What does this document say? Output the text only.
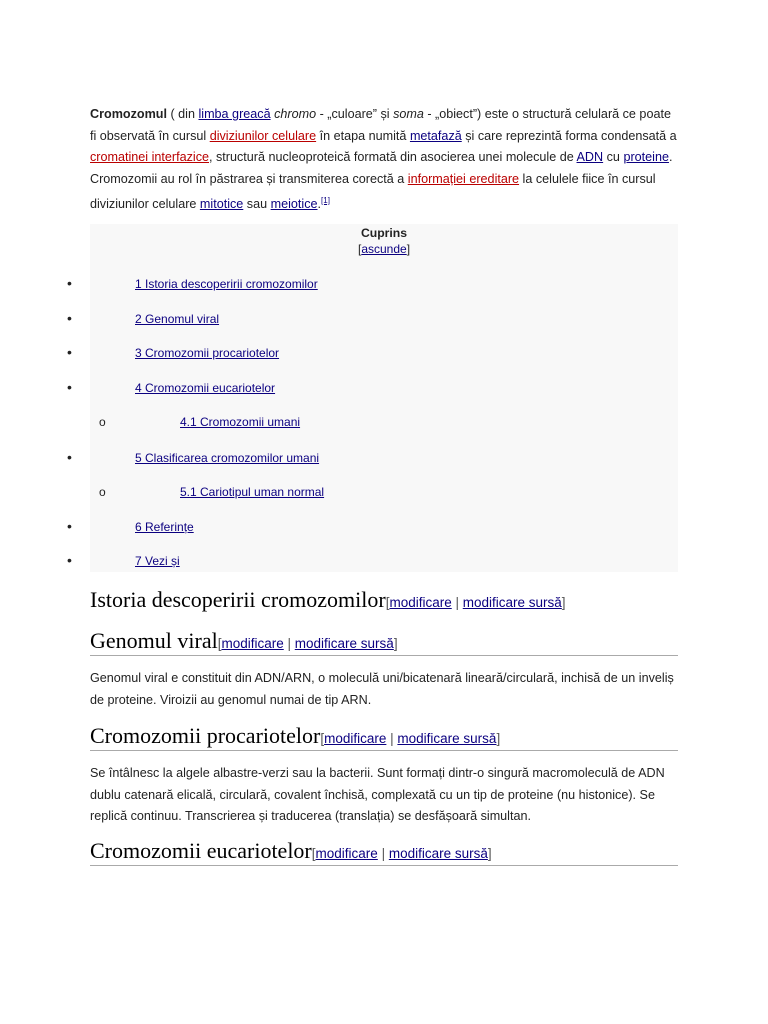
Cromozomul ( din limba greacă chromo - „culoare” și soma - „obiect”) este o structură celulară ce poate fi observată în cursul diviziunilor celulare în etapa numită metafază și care reprezintă forma condensată a cromatinei interfazice, structură nucleoproteică formată din asocierea unei molecule de ADN cu proteine. Cromozomii au rol în păstrarea și transmiterea corectă a informației ereditare la celulele fiice în cursul diviziunilor celulare mitotice sau meiotice.[1]

Cuprins
[ascunde]
•	1 Istoria descoperirii cromozomilor
•	2 Genomul viral
•	3 Cromozomii procariotelor
•	4 Cromozomii eucariotelor
o	4.1 Cromozomii umani
•	5 Clasificarea cromozomilor umani
o	5.1 Cariotipul uman normal
•	6 Referințe
•	7 Vezi și
Istoria descoperirii cromozomilor[modificare | modificare sursă]
Genomul viral[modificare | modificare sursă]

Genomul viral e constituit din ADN/ARN, o moleculă uni/bicatenară lineară/circulară, inchisă de un inveliș de proteine. Viroizii au genomul numai de tip ARN.

Cromozomii procariotelor[modificare | modificare sursă]

Se întâlnesc la algele albastre-verzi sau la bacterii. Sunt formați dintr-o singură macromoleculă de ADN dublu catenară elicală, circulară, covalent închisă, complexată cu un tip de proteine (nu histonice). Se replică continuu. Transcrierea și traducerea (translația) se desfășoară simultan.

Cromozomii eucariotelor[modificare | modificare sursă]
